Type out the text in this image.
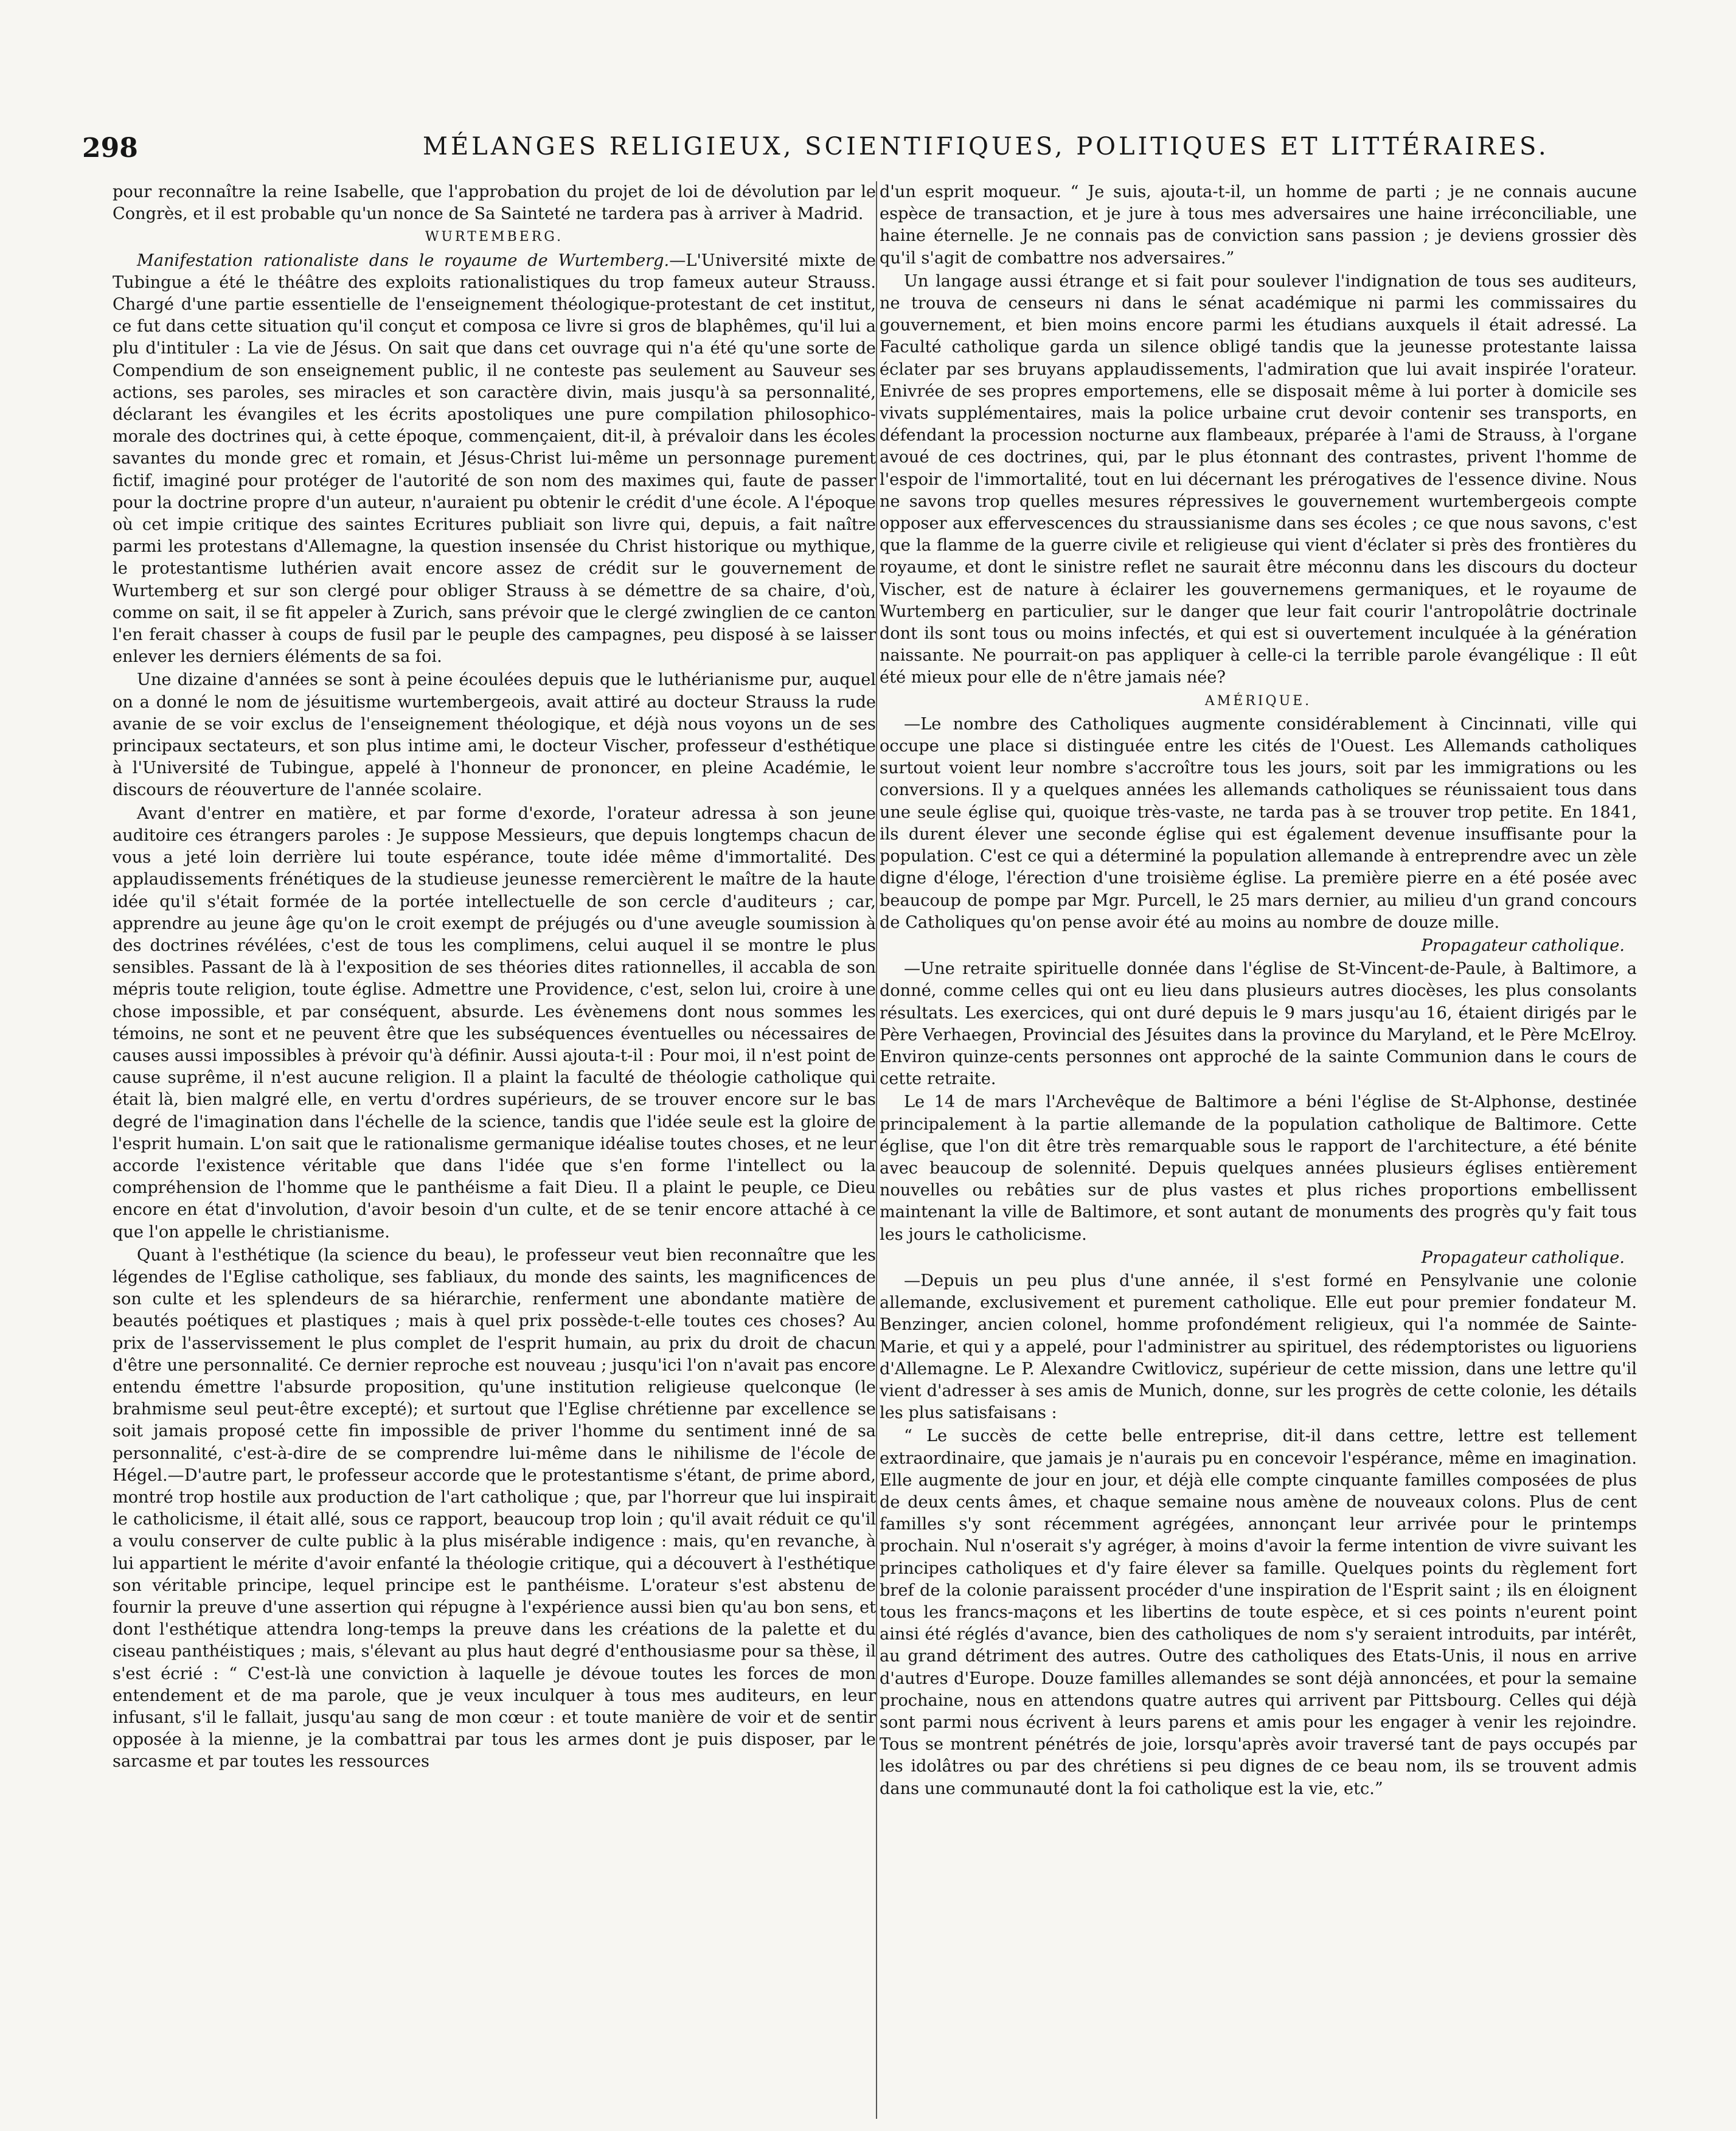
298	MÉLANGES RELIGIEUX, SCIENTIFIQUES, POLITIQUES ET LITTÉRAIRES.

pour reconnaître la reine Isabelle, que l'approbation du projet de loi de dévolution par le Congrès, et il est probable qu'un nonce de Sa Sainteté ne tardera pas à arriver à Madrid.

WURTEMBERG.

Manifestation rationaliste dans le royaume de Wurtemberg.—L'Université mixte de Tubingue a été le théâtre des exploits rationalistiques du trop fameux auteur Strauss. Chargé d'une partie essentielle de l'enseignement théologique-protestant de cet institut, ce fut dans cette situation qu'il conçut et composa ce livre si gros de blaphêmes, qu'il lui a plu d'intituler : La vie de Jésus. On sait que dans cet ouvrage qui n'a été qu'une sorte de Compendium de son enseignement public, il ne conteste pas seulement au Sauveur ses actions, ses paroles, ses miracles et son caractère divin, mais jusqu'à sa personnalité, déclarant les évangiles et les écrits apostoliques une pure compilation philosophico-morale des doctrines qui, à cette époque, commençaient, dit-il, à prévaloir dans les écoles savantes du monde grec et romain, et Jésus-Christ lui-même un personnage purement fictif, imaginé pour protéger de l'autorité de son nom des maximes qui, faute de passer pour la doctrine propre d'un auteur, n'auraient pu obtenir le crédit d'une école. A l'époque où cet impie critique des saintes Ecritures publiait son livre qui, depuis, a fait naître parmi les protestans d'Allemagne, la question insensée du Christ historique ou mythique, le protestantisme luthérien avait encore assez de crédit sur le gouvernement de Wurtemberg et sur son clergé pour obliger Strauss à se démettre de sa chaire, d'où, comme on sait, il se fit appeler à Zurich, sans prévoir que le clergé zwinglien de ce canton l'en ferait chasser à coups de fusil par le peuple des campagnes, peu disposé à se laisser enlever les derniers éléments de sa foi.

Une dizaine d'années se sont à peine écoulées depuis que le luthérianisme pur, auquel on a donné le nom de jésuitisme wurtembergeois, avait attiré au docteur Strauss la rude avanie de se voir exclus de l'enseignement théologique, et déjà nous voyons un de ses principaux sectateurs, et son plus intime ami, le docteur Vischer, professeur d'esthétique à l'Université de Tubingue, appelé à l'honneur de prononcer, en pleine Académie, le discours de réouverture de l'année scolaire.

Avant d'entrer en matière, et par forme d'exorde, l'orateur adressa à son jeune auditoire ces étrangers paroles : Je suppose Messieurs, que depuis longtemps chacun de vous a jeté loin derrière lui toute espérance, toute idée même d'immortalité. Des applaudissements frénétiques de la studieuse jeunesse remercièrent le maître de la haute idée qu'il s'était formée de la portée intellectuelle de son cercle d'auditeurs ; car, apprendre au jeune âge qu'on le croit exempt de préjugés ou d'une aveugle soumission à des doctrines révélées, c'est de tous les complimens, celui auquel il se montre le plus sensibles. Passant de là à l'exposition de ses théories dites rationnelles, il accabla de son mépris toute religion, toute église. Admettre une Providence, c'est, selon lui, croire à une chose impossible, et par conséquent, absurde. Les évènemens dont nous sommes les témoins, ne sont et ne peuvent être que les subséquences éventuelles ou nécessaires de causes aussi impossibles à prévoir qu'à définir. Aussi ajouta-t-il : Pour moi, il n'est point de cause suprême, il n'est aucune religion. Il a plaint la faculté de théologie catholique qui était là, bien malgré elle, en vertu d'ordres supérieurs, de se trouver encore sur le bas degré de l'imagination dans l'échelle de la science, tandis que l'idée seule est la gloire de l'esprit humain. L'on sait que le rationalisme germanique idéalise toutes choses, et ne leur accorde l'existence véritable que dans l'idée que s'en forme l'intellect ou la compréhension de l'homme que le panthéisme a fait Dieu. Il a plaint le peuple, ce Dieu encore en état d'involution, d'avoir besoin d'un culte, et de se tenir encore attaché à ce que l'on appelle le christianisme.

Quant à l'esthétique (la science du beau), le professeur veut bien reconnaître que les légendes de l'Eglise catholique, ses fabliaux, du monde des saints, les magnificences de son culte et les splendeurs de sa hiérarchie, renferment une abondante matière de beautés poétiques et plastiques ; mais à quel prix possède-t-elle toutes ces choses? Au prix de l'asservissement le plus complet de l'esprit humain, au prix du droit de chacun d'être une personnalité. Ce dernier reproche est nouveau ; jusqu'ici l'on n'avait pas encore entendu émettre l'absurde proposition, qu'une institution religieuse quelconque (le brahmisme seul peut-être excepté); et surtout que l'Eglise chrétienne par excellence se soit jamais proposé cette fin impossible de priver l'homme du sentiment inné de sa personnalité, c'est-à-dire de se comprendre lui-même dans le nihilisme de l'école de Hégel.—D'autre part, le professeur accorde que le protestantisme s'étant, de prime abord, montré trop hostile aux production de l'art catholique ; que, par l'horreur que lui inspirait le catholicisme, il était allé, sous ce rapport, beaucoup trop loin ; qu'il avait réduit ce qu'il a voulu conserver de culte public à la plus misérable indigence : mais, qu'en revanche, à lui appartient le mérite d'avoir enfanté la théologie critique, qui a découvert à l'esthétique son véritable principe, lequel principe est le panthéisme. L'orateur s'est abstenu de fournir la preuve d'une assertion qui répugne à l'expérience aussi bien qu'au bon sens, et dont l'esthétique attendra long-temps la preuve dans les créations de la palette et du ciseau panthéistiques ; mais, s'élevant au plus haut degré d'enthousiasme pour sa thèse, il s'est écrié : “ C'est-là une conviction à laquelle je dévoue toutes les forces de mon entendement et de ma parole, que je veux inculquer à tous mes auditeurs, en leur infusant, s'il le fallait, jusqu'au sang de mon cœur : et toute manière de voir et de sentir opposée à la mienne, je la combattrai par tous les armes dont je puis disposer, par le sarcasme et par toutes les ressources

d'un esprit moqueur. “ Je suis, ajouta-t-il, un homme de parti ; je ne connais aucune espèce de transaction, et je jure à tous mes adversaires une haine irréconciliable, une haine éternelle. Je ne connais pas de conviction sans passion ; je deviens grossier dès qu'il s'agit de combattre nos adversaires.”

Un langage aussi étrange et si fait pour soulever l'indignation de tous ses auditeurs, ne trouva de censeurs ni dans le sénat académique ni parmi les commissaires du gouvernement, et bien moins encore parmi les étudians auxquels il était adressé. La Faculté catholique garda un silence obligé tandis que la jeunesse protestante laissa éclater par ses bruyans applaudissements, l'admiration que lui avait inspirée l'orateur. Enivrée de ses propres emportemens, elle se disposait même à lui porter à domicile ses vivats supplémentaires, mais la police urbaine crut devoir contenir ses transports, en défendant la procession nocturne aux flambeaux, préparée à l'ami de Strauss, à l'organe avoué de ces doctrines, qui, par le plus étonnant des contrastes, privent l'homme de l'espoir de l'immortalité, tout en lui décernant les prérogatives de l'essence divine. Nous ne savons trop quelles mesures répressives le gouvernement wurtembergeois compte opposer aux effervescences du straussianisme dans ses écoles ; ce que nous savons, c'est que la flamme de la guerre civile et religieuse qui vient d'éclater si près des frontières du royaume, et dont le sinistre reflet ne saurait être méconnu dans les discours du docteur Vischer, est de nature à éclairer les gouvernemens germaniques, et le royaume de Wurtemberg en particulier, sur le danger que leur fait courir l'antropolâtrie doctrinale dont ils sont tous ou moins infectés, et qui est si ouvertement inculquée à la génération naissante. Ne pourrait-on pas appliquer à celle-ci la terrible parole évangélique : Il eût été mieux pour elle de n'être jamais née?

AMÉRIQUE.

—Le nombre des Catholiques augmente considérablement à Cincinnati, ville qui occupe une place si distinguée entre les cités de l'Ouest. Les Allemands catholiques surtout voient leur nombre s'accroître tous les jours, soit par les immigrations ou les conversions. Il y a quelques années les allemands catholiques se réunissaient tous dans une seule église qui, quoique très-vaste, ne tarda pas à se trouver trop petite. En 1841, ils durent élever une seconde église qui est également devenue insuffisante pour la population. C'est ce qui a déterminé la population allemande à entreprendre avec un zèle digne d'éloge, l'érection d'une troisième église. La première pierre en a été posée avec beaucoup de pompe par Mgr. Purcell, le 25 mars dernier, au milieu d'un grand concours de Catholiques qu'on pense avoir été au moins au nombre de douze mille.

Propagateur catholique.

—Une retraite spirituelle donnée dans l'église de St-Vincent-de-Paule, à Baltimore, a donné, comme celles qui ont eu lieu dans plusieurs autres diocèses, les plus consolants résultats. Les exercices, qui ont duré depuis le 9 mars jusqu'au 16, étaient dirigés par le Père Verhaegen, Provincial des Jésuites dans la province du Maryland, et le Père McElroy. Environ quinze-cents personnes ont approché de la sainte Communion dans le cours de cette retraite.

Le 14 de mars l'Archevêque de Baltimore a béni l'église de St-Alphonse, destinée principalement à la partie allemande de la population catholique de Baltimore. Cette église, que l'on dit être très remarquable sous le rapport de l'architecture, a été bénite avec beaucoup de solennité. Depuis quelques années plusieurs églises entièrement nouvelles ou rebâties sur de plus vastes et plus riches proportions embellissent maintenant la ville de Baltimore, et sont autant de monuments des progrès qu'y fait tous les jours le catholicisme.

Propagateur catholique.

—Depuis un peu plus d'une année, il s'est formé en Pensylvanie une colonie allemande, exclusivement et purement catholique. Elle eut pour premier fondateur M. Benzinger, ancien colonel, homme profondément religieux, qui l'a nommée de Sainte-Marie, et qui y a appelé, pour l'administrer au spirituel, des rédemptoristes ou liguoriens d'Allemagne. Le P. Alexandre Cwitlovicz, supérieur de cette mission, dans une lettre qu'il vient d'adresser à ses amis de Munich, donne, sur les progrès de cette colonie, les détails les plus satisfaisans :

“ Le succès de cette belle entreprise, dit-il dans cettre, lettre est tellement extraordinaire, que jamais je n'aurais pu en concevoir l'espérance, même en imagination. Elle augmente de jour en jour, et déjà elle compte cinquante familles composées de plus de deux cents âmes, et chaque semaine nous amène de nouveaux colons. Plus de cent familles s'y sont récemment agrégées, annonçant leur arrivée pour le printemps prochain. Nul n'oserait s'y agréger, à moins d'avoir la ferme intention de vivre suivant les principes catholiques et d'y faire élever sa famille. Quelques points du règlement fort bref de la colonie paraissent procéder d'une inspiration de l'Esprit saint ; ils en éloignent tous les francs-maçons et les libertins de toute espèce, et si ces points n'eurent point ainsi été réglés d'avance, bien des catholiques de nom s'y seraient introduits, par intérêt, au grand détriment des autres. Outre des catholiques des Etats-Unis, il nous en arrive d'autres d'Europe. Douze familles allemandes se sont déjà annoncées, et pour la semaine prochaine, nous en attendons quatre autres qui arrivent par Pittsbourg. Celles qui déjà sont parmi nous écrivent à leurs parens et amis pour les engager à venir les rejoindre. Tous se montrent pénétrés de joie, lorsqu'après avoir traversé tant de pays occupés par les idolâtres ou par des chrétiens si peu dignes de ce beau nom, ils se trouvent admis dans une communauté dont la foi catholique est la vie, etc.”
